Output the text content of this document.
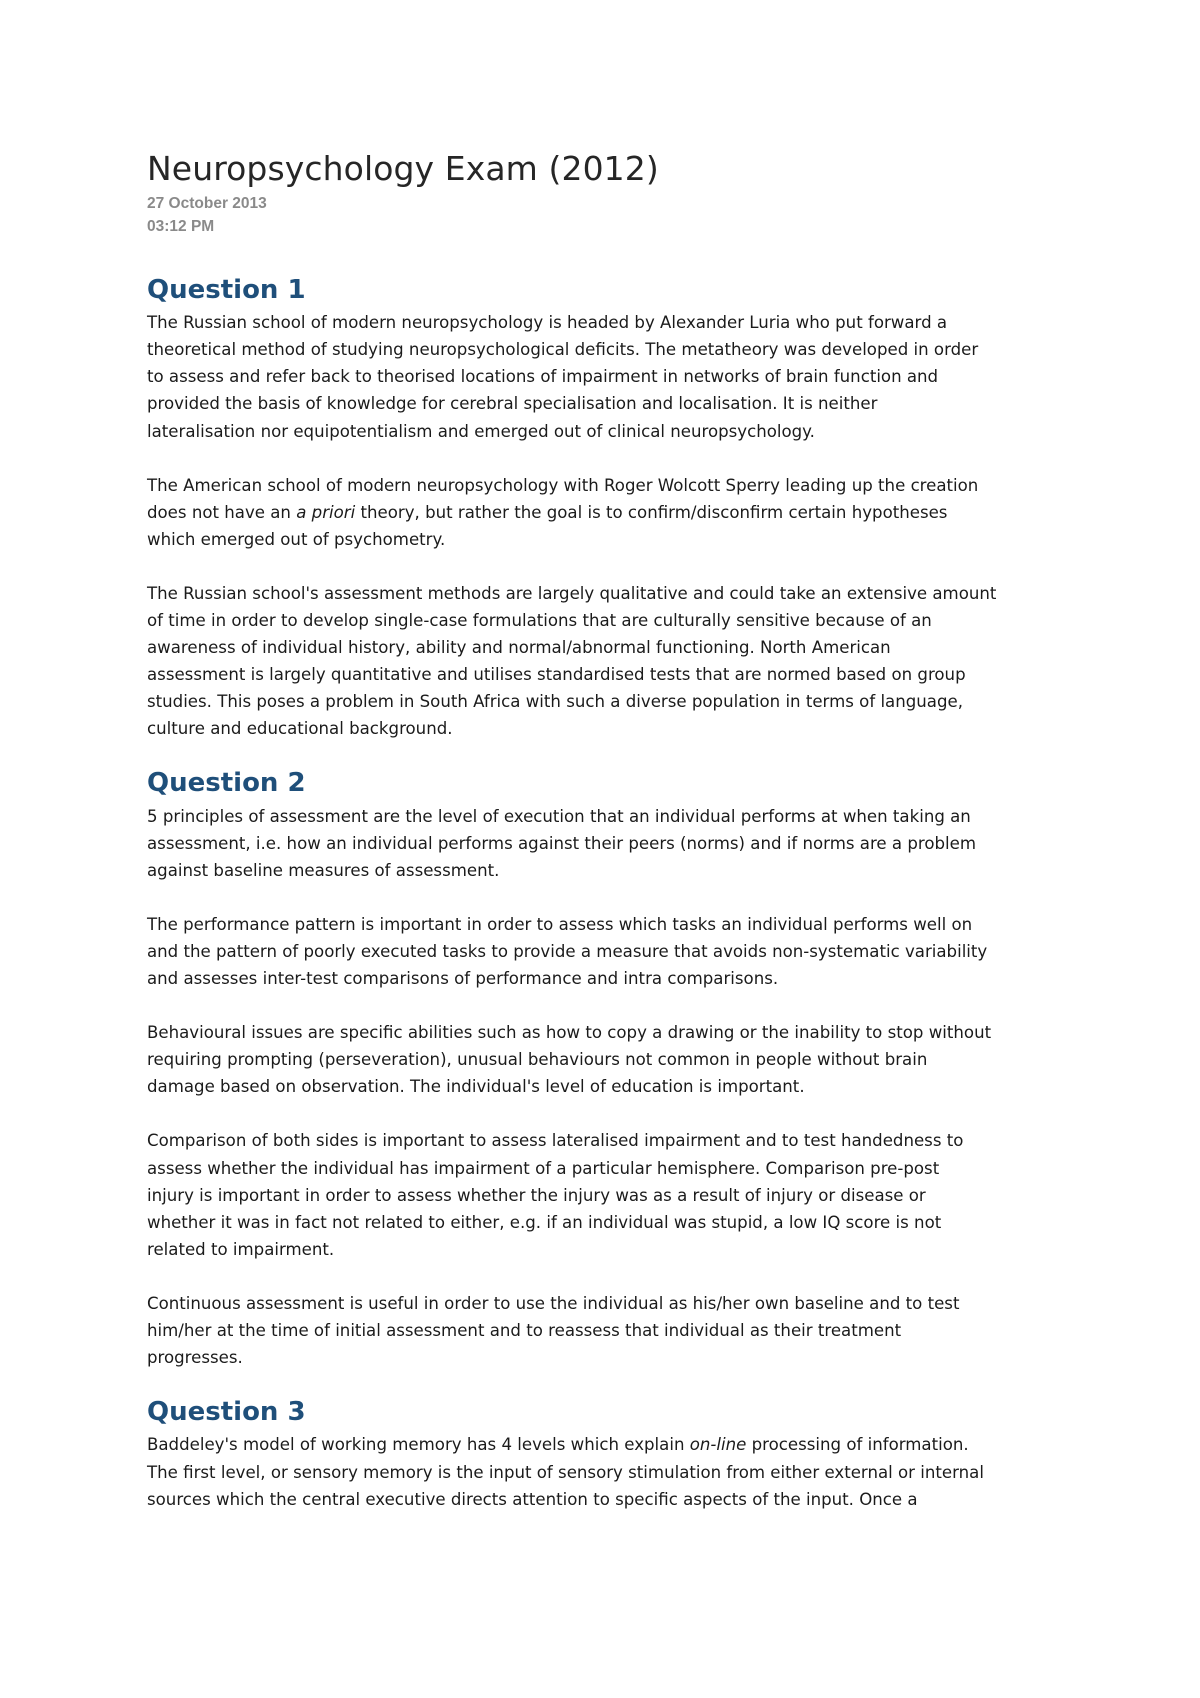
Neuropsychology Exam (2012)
27 October 2013
03:12 PM
Question 1

The Russian school of modern neuropsychology is headed by Alexander Luria who put forward a
theoretical method of studying neuropsychological deficits. The metatheory was developed in order
to assess and refer back to theorised locations of impairment in networks of brain function and
provided the basis of knowledge for cerebral specialisation and localisation. It is neither
lateralisation nor equipotentialism and emerged out of clinical neuropsychology.

The American school of modern neuropsychology with Roger Wolcott Sperry leading up the creation
does not have an a priori theory, but rather the goal is to confirm/disconfirm certain hypotheses
which emerged out of psychometry.

The Russian school's assessment methods are largely qualitative and could take an extensive amount
of time in order to develop single-case formulations that are culturally sensitive because of an
awareness of individual history, ability and normal/abnormal functioning. North American
assessment is largely quantitative and utilises standardised tests that are normed based on group
studies. This poses a problem in South Africa with such a diverse population in terms of language,
culture and educational background.

Question 2

5 principles of assessment are the level of execution that an individual performs at when taking an
assessment, i.e. how an individual performs against their peers (norms) and if norms are a problem
against baseline measures of assessment.

The performance pattern is important in order to assess which tasks an individual performs well on
and the pattern of poorly executed tasks to provide a measure that avoids non-systematic variability
and assesses inter-test comparisons of performance and intra comparisons.

Behavioural issues are specific abilities such as how to copy a drawing or the inability to stop without
requiring prompting (perseveration), unusual behaviours not common in people without brain
damage based on observation. The individual's level of education is important.

Comparison of both sides is important to assess lateralised impairment and to test handedness to
assess whether the individual has impairment of a particular hemisphere. Comparison pre-post
injury is important in order to assess whether the injury was as a result of injury or disease or
whether it was in fact not related to either, e.g. if an individual was stupid, a low IQ score is not
related to impairment.

Continuous assessment is useful in order to use the individual as his/her own baseline and to test
him/her at the time of initial assessment and to reassess that individual as their treatment
progresses.

Question 3

Baddeley's model of working memory has 4 levels which explain on-line processing of information.
The first level, or sensory memory is the input of sensory stimulation from either external or internal
sources which the central executive directs attention to specific aspects of the input. Once a
